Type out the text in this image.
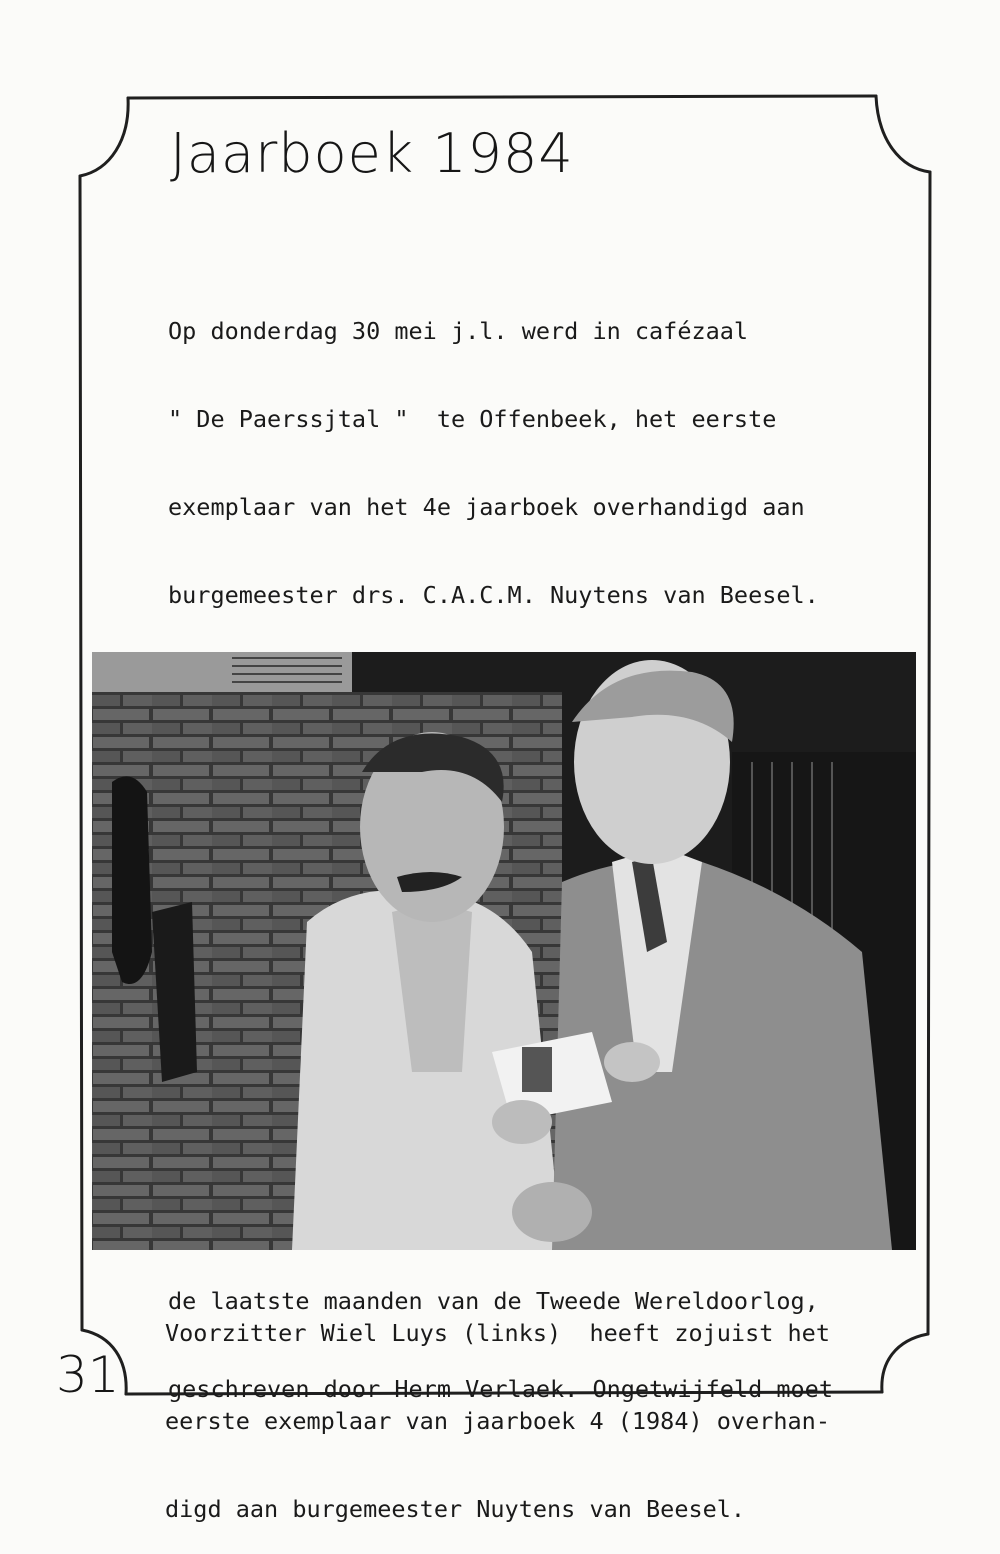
Jaarboek 1984

Op donderdag 30 mei j.l. werd in cafézaal

" De Paerssjtal "  te Offenbeek, het eerste

exemplaar van het 4e jaarboek overhandigd aan

burgemeester drs. C.A.C.M. Nuytens van Beesel.

de laatste maanden van de Tweede Wereldoorlog,

geschreven door Herm Verlaek. Ongetwijfeld moet

Voorzitter Wiel Luys (links)  heeft zojuist het

eerste exemplaar van jaarboek 4 (1984) overhan-

digd aan burgemeester Nuytens van Beesel.

31
